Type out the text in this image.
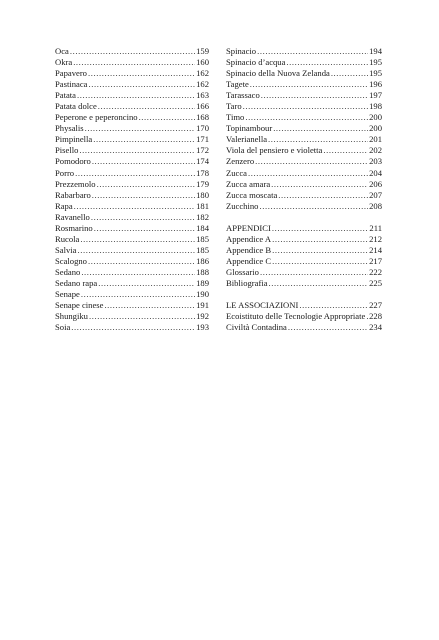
Oca .....	159
Okra .....	160
Papavero .....	162
Pastinaca .....	162
Patata .....	163
Patata dolce .....	166
Peperone e peperoncino .....	168
Physalis .....	170
Pimpinella .....	171
Pisello .....	172
Pomodoro .....	174
Porro .....	178
Prezzemolo .....	179
Rabarbaro .....	180
Rapa .....	181
Ravanello .....	182
Rosmarino .....	184
Rucola .....	185
Salvia .....	185
Scalogno .....	186
Sedano .....	188
Sedano rapa .....	189
Senape .....	190
Senape cinese .....	191
Shungiku .....	192
Soia .....	193
Spinacio .....	194
Spinacio d’acqua .....	195
Spinacio della Nuova Zelanda .....	195
Tagete .....	196
Tarassaco .....	197
Taro .....	198
Timo .....	200
Topinambour .....	200
Valerianella .....	201
Viola del pensiero e violetta .....	202
Zenzero .....	203
Zucca .....	204
Zucca amara .....	206
Zucca moscata .....	207
Zucchino .....	208
APPENDICI .....	211
Appendice A .....	212
Appendice B .....	214
Appendice C .....	217
Glossario .....	222
Bibliografia .....	225
LE ASSOCIAZIONI .....	227
Ecoistituto delle Tecnologie Appropriate ..... 228
Civiltà Contadina .....	234
